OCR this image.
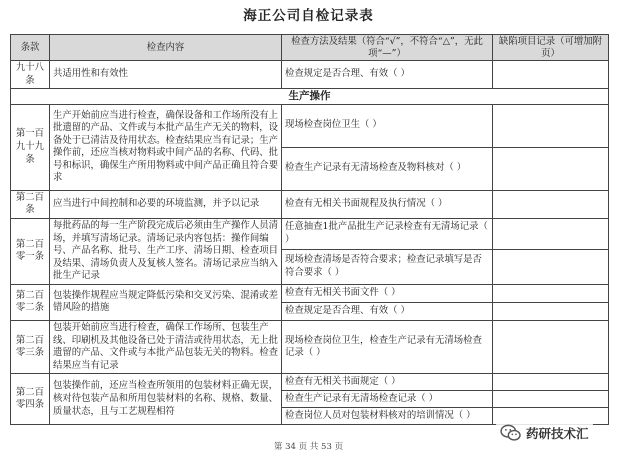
海正公司自检记录表
条款	检查内容	检查方法及结果（符合“√”，不符合“△”，无此项“—”）	缺陷项目记录（可增加附页）
九十八条	共适用性和有效性	检查规定是否合理、有效（ ）	
生产操作			
第一百九十九条	生产开始前应当进行检查，确保设备和工作场所没有上批遗留的产品、文件或与本批产品生产无关的物料，设备处于已清洁及待用状态。检查结果应当有记录；生产操作前，还应当核对物料或中间产品的名称、代码、批号和标识，确保生产所用物料或中间产品正确且符合要求	现场检查岗位卫生（ ）	
		检查生产记录有无清场检查及物料核对（ ）	
第二百条	应当进行中间控制和必要的环境监测，并予以记录	检查有无相关书面规程及执行情况（ ）	
第二百零一条	每批药品的每一生产阶段完成后必须由生产操作人员清场，并填写清场记录。清场记录内容包括：操作间编号、产品名称、批号、生产工序、清场日期、检查项目及结果、清场负责人及复核人签名。清场记录应当纳入批生产记录	任意抽查1批产品批生产记录检查有无清场记录（ ）	
		现场检查清场是否符合要求；检查记录填写是否符合要求（ ）	
第二百零二条	包装操作规程应当规定降低污染和交叉污染、混淆或差错风险的措施	检查有无相关书面文件（ ）	
		检查规定是否合理、有效（ ）	
第二百零三条	包装开始前应当进行检查，确保工作场所、包装生产线、印刷机及其他设备已处于清洁或待用状态，无上批遗留的产品、文件或与本批产品包装无关的物料。检查结果应当有记录	现场检查岗位卫生，检查生产记录有无清场检查记录（ ）	
第二百零四条	包装操作前，还应当检查所领用的包装材料正确无误，核对待包装产品和所用包装材料的名称、规格、数量、质量状态，且与工艺规程相符	检查有无相关书面规定（ ）	
		检查生产记录有无清场检查记录（ ）	
		检查岗位人员对包装材料核对的培训情况（ ）	
第 34 页 共 53 页
药研技术汇
